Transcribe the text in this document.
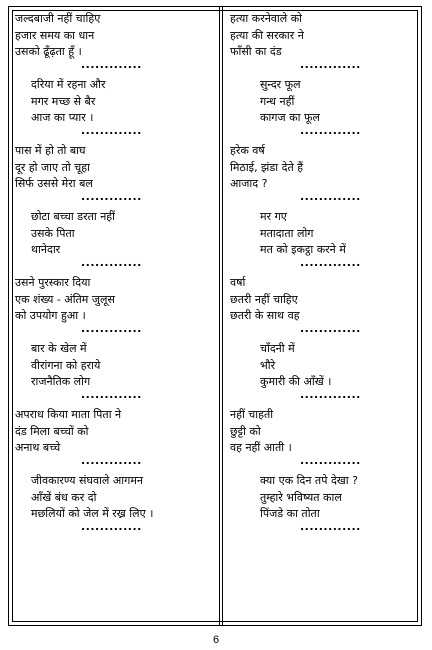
जल्दबाजी नहीं चाहिए
हजार समय का धान
उसको ढूँढ़ता हूँ ।
.............
दरिया में रहना और
मगर मच्छ से बैर
आज का प्यार ।
.............
पास में हो तो बाघ
दूर हो जाए तो चूहा
सिर्फ उससे मेरा बल
.............
छोटा बच्चा डरता नहीं
उसके पिता
थानेदार
.............
उसने पुरस्कार दिया
एक शंख्य - अंतिम जुलूस
को उपयोग हुआ ।
.............
बार के खेल में
वीरांगना को हराये
राजनैतिक लोग
.............
अपराध किया माता पिता ने
दंड मिला बच्चों को
अनाथ बच्चे
.............
जीवकारण्य संघवाले आगमन
आँखें बंध कर दो
मछलियों को जेल में रख्र लिए ।
.............
हत्या करनेवाले को
हत्या की सरकार ने
फाँसी का दंड
.............
सुन्दर फूल
गन्ध नहीं
कागज का फूल
.............
हरेक वर्ष
मिठाई, झंडा देते हैं
आजाद ?
.............
मर गए
मतादाता लोग
मत को इकट्ठा करने में
.............
वर्षा
छतरी नहीं चाहिए
छतरी के साथ वह
.............
चाँदनी में
भौरे
कुमारी की आँखें ।
.............
नहीं चाहती
छुट्टी को
वह नहीं आती ।
.............
क्या एक दिन तपे देखा ?
तुम्हारे भविष्यत काल
पिंजडे का तोता
.............
6
